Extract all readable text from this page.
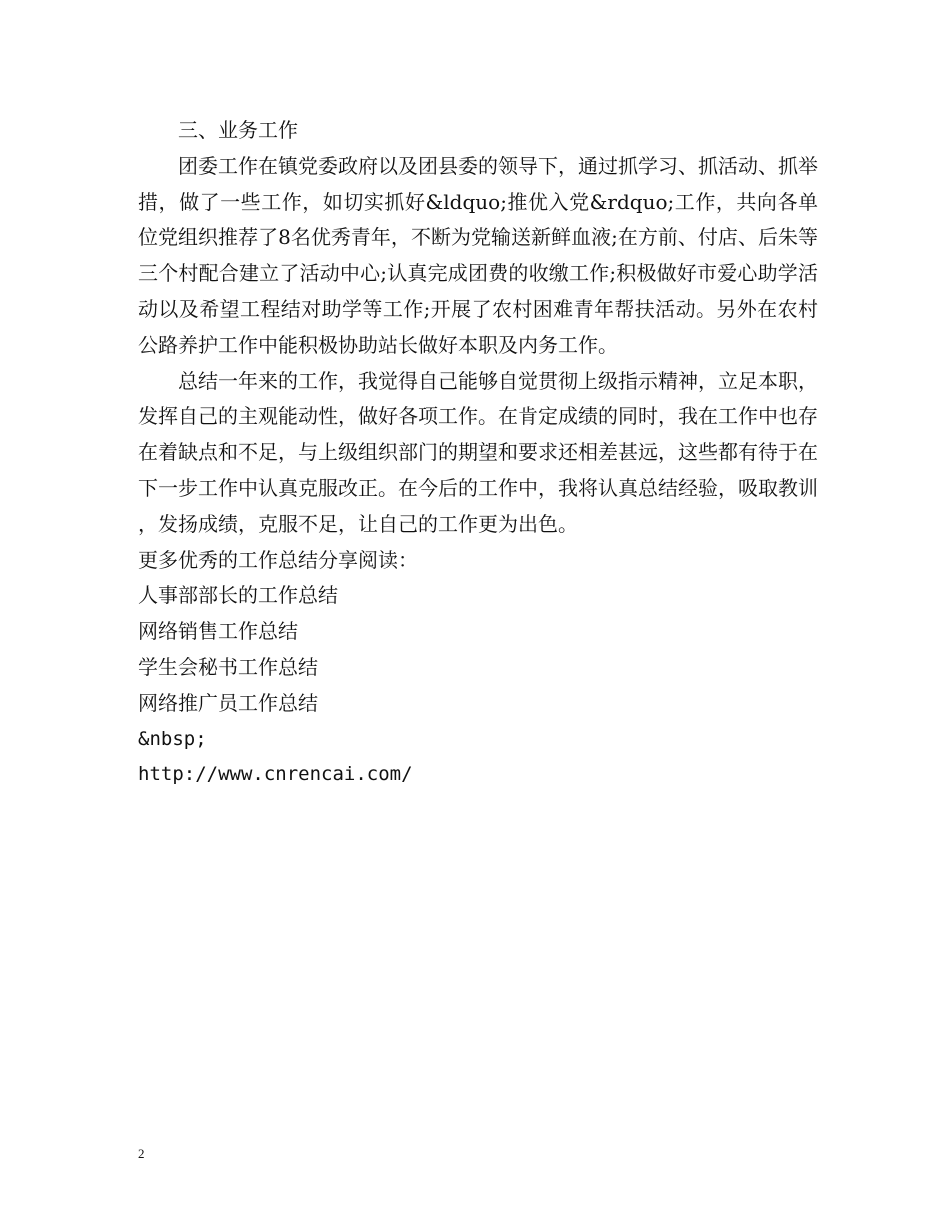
三、业务工作

团委工作在镇党委政府以及团县委的领导下，通过抓学习、抓活动、抓举措，做了一些工作，如切实抓好&ldquo;推优入党&rdquo;工作，共向各单位党组织推荐了8名优秀青年，不断为党输送新鲜血液;在方前、付店、后朱等三个村配合建立了活动中心;认真完成团费的收缴工作;积极做好市爱心助学活动以及希望工程结对助学等工作;开展了农村困难青年帮扶活动。另外在农村公路养护工作中能积极协助站长做好本职及内务工作。

总结一年来的工作，我觉得自己能够自觉贯彻上级指示精神，立足本职，发挥自己的主观能动性，做好各项工作。在肯定成绩的同时，我在工作中也存在着缺点和不足，与上级组织部门的期望和要求还相差甚远，这些都有待于在下一步工作中认真克服改正。在今后的工作中，我将认真总结经验，吸取教训，发扬成绩，克服不足，让自己的工作更为出色。

更多优秀的工作总结分享阅读：

人事部部长的工作总结

网络销售工作总结

学生会秘书工作总结

网络推广员工作总结

&nbsp;

http://www.cnrencai.com/

2
